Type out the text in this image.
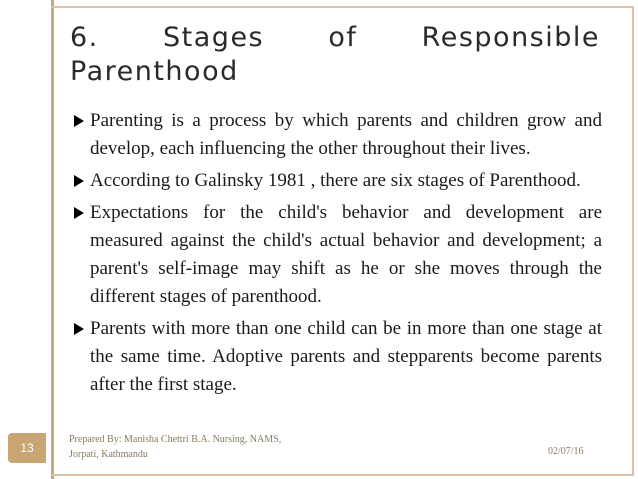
6. Stages of Responsible
Parenthood

Parenting is a process by which parents and children grow and develop, each influencing the other throughout their lives.

According to Galinsky 1981 , there are six stages of Parenthood.

Expectations for the child's behavior and development are measured against the child's actual behavior and development; a parent's self-image may shift as he or she moves through the different stages of parenthood.

Parents with more than one child can be in more than one stage at the same time. Adoptive parents and stepparents become parents after the first stage.

13
Prepared By: Manisha Chettri B.A. Nursing, NAMS,
Jorpati, Kathmandu	02/07/16
